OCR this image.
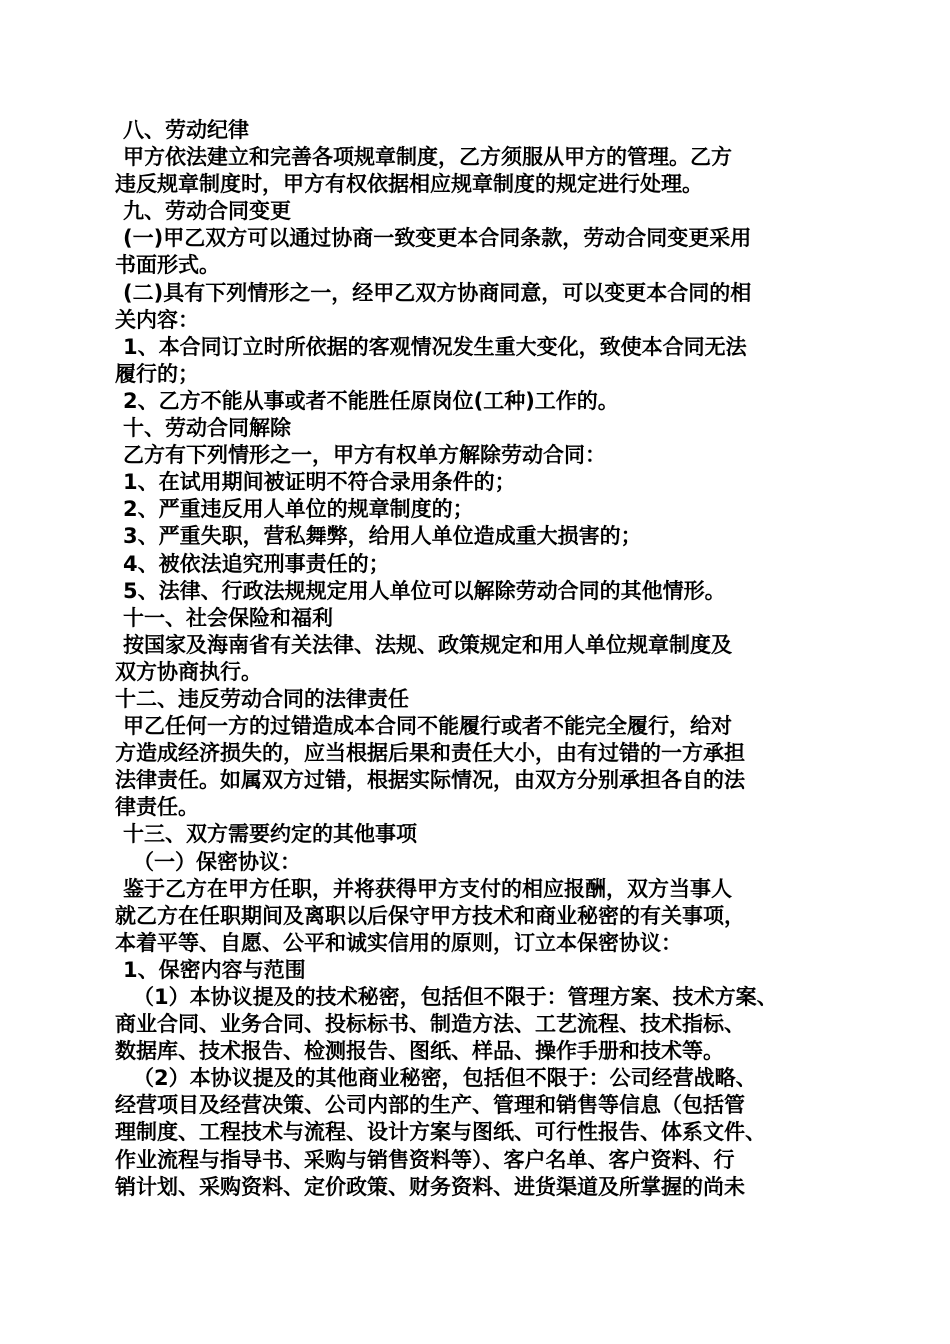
八、劳动纪律

甲方依法建立和完善各项规章制度，乙方须服从甲方的管理。乙方

违反规章制度时，甲方有权依据相应规章制度的规定进行处理。

九、劳动合同变更

(一)甲乙双方可以通过协商一致变更本合同条款，劳动合同变更采用

书面形式。

(二)具有下列情形之一，经甲乙双方协商同意，可以变更本合同的相

关内容：

1、本合同订立时所依据的客观情况发生重大变化，致使本合同无法

履行的；

2、乙方不能从事或者不能胜任原岗位(工种)工作的。

十、劳动合同解除

乙方有下列情形之一，甲方有权单方解除劳动合同：

1、在试用期间被证明不符合录用条件的；

2、严重违反用人单位的规章制度的；

3、严重失职，营私舞弊，给用人单位造成重大损害的；

4、被依法追究刑事责任的；

5、法律、行政法规规定用人单位可以解除劳动合同的其他情形。

十一、社会保险和福利

按国家及海南省有关法律、法规、政策规定和用人单位规章制度及

双方协商执行。

十二、违反劳动合同的法律责任

甲乙任何一方的过错造成本合同不能履行或者不能完全履行，给对

方造成经济损失的，应当根据后果和责任大小，由有过错的一方承担

法律责任。如属双方过错，根据实际情况，由双方分别承担各自的法

律责任。

十三、双方需要约定的其他事项

（一）保密协议：

鉴于乙方在甲方任职，并将获得甲方支付的相应报酬，双方当事人

就乙方在任职期间及离职以后保守甲方技术和商业秘密的有关事项，

本着平等、自愿、公平和诚实信用的原则，订立本保密协议：

1、保密内容与范围

（1）本协议提及的技术秘密，包括但不限于：管理方案、技术方案、

商业合同、业务合同、投标标书、制造方法、工艺流程、技术指标、

数据库、技术报告、检测报告、图纸、样品、操作手册和技术等。

（2）本协议提及的其他商业秘密，包括但不限于：公司经营战略、

经营项目及经营决策、公司内部的生产、管理和销售等信息（包括管

理制度、工程技术与流程、设计方案与图纸、可行性报告、体系文件、

作业流程与指导书、采购与销售资料等）、客户名单、客户资料、行

销计划、采购资料、定价政策、财务资料、进货渠道及所掌握的尚未
